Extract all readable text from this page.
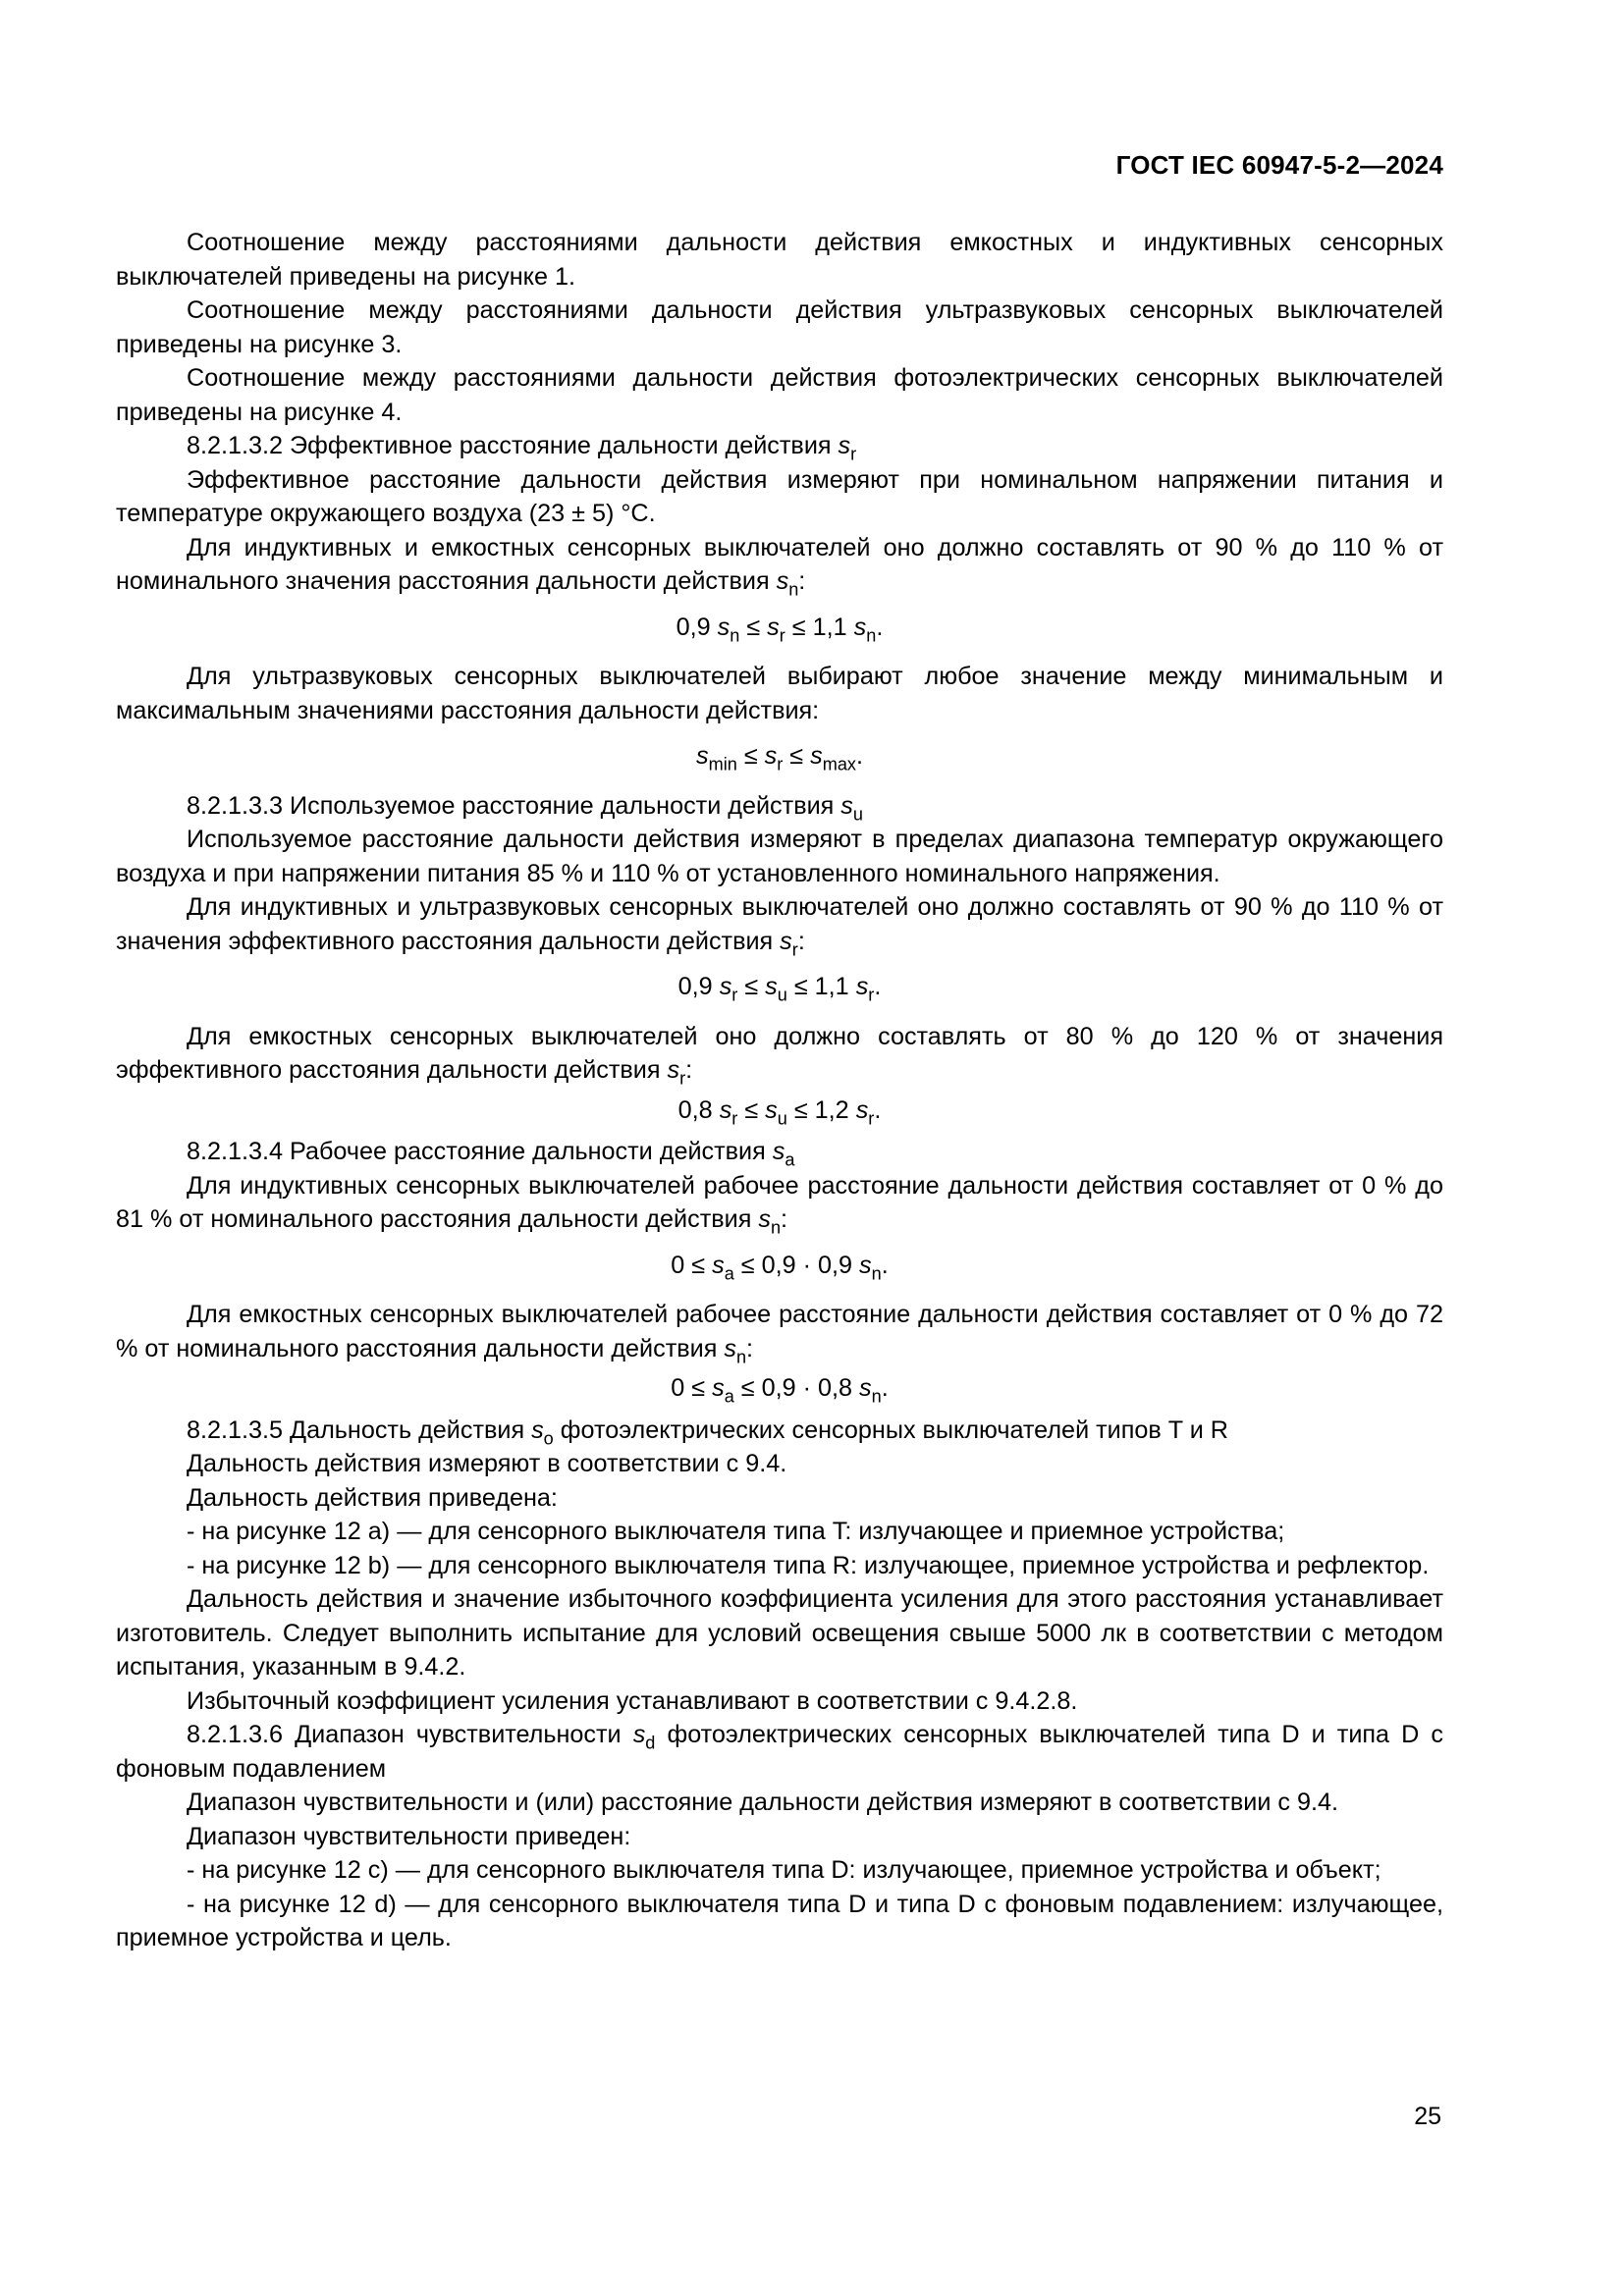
ГОСТ IEC 60947-5-2—2024

Соотношение между расстояниями дальности действия емкостных и индуктивных сенсорных выключателей приведены на рисунке 1.

Соотношение между расстояниями дальности действия ультразвуковых сенсорных выключателей приведены на рисунке 3.

Соотношение между расстояниями дальности действия фотоэлектрических сенсорных выключателей приведены на рисунке 4.

8.2.1.3.2 Эффективное расстояние дальности действия $s_r$

Эффективное расстояние дальности действия измеряют при номинальном напряжении питания и температуре окружающего воздуха (23 ± 5) °C.

Для индуктивных и емкостных сенсорных выключателей оно должно составлять от 90 % до 110 % от номинального значения расстояния дальности действия $s_n$:

0,9 $s_n \le s_r \le 1,1$ $s_n$.

Для ультразвуковых сенсорных выключателей выбирают любое значение между минимальным и максимальным значениями расстояния дальности действия:

$s_{min} \le s_r \le s_{max}$.

8.2.1.3.3 Используемое расстояние дальности действия $s_u$

Используемое расстояние дальности действия измеряют в пределах диапазона температур окружающего воздуха и при напряжении питания 85 % и 110 % от установленного номинального напряжения.

Для индуктивных и ультразвуковых сенсорных выключателей оно должно составлять от 90 % до 110 % от значения эффективного расстояния дальности действия $s_r$:

0,9 $s_r \le s_u \le 1,1$ $s_r$.

Для емкостных сенсорных выключателей оно должно составлять от 80 % до 120 % от значения эффективного расстояния дальности действия $s_r$:

0,8 $s_r \le s_u \le 1,2$ $s_r$.

8.2.1.3.4 Рабочее расстояние дальности действия $s_a$

Для индуктивных сенсорных выключателей рабочее расстояние дальности действия составляет от 0 % до 81 % от номинального расстояния дальности действия $s_n$:

$0 \le s_a \le 0,9 \cdot 0,9$ $s_n$.

Для емкостных сенсорных выключателей рабочее расстояние дальности действия составляет от 0 % до 72 % от номинального расстояния дальности действия $s_n$:

$0 \le s_a \le 0,9 \cdot 0,8$ $s_n$.

8.2.1.3.5 Дальность действия $s_o$ фотоэлектрических сенсорных выключателей типов T и R

Дальность действия измеряют в соответствии с 9.4.

Дальность действия приведена:

- на рисунке 12 а) — для сенсорного выключателя типа T: излучающее и приемное устройства;

- на рисунке 12 b) — для сенсорного выключателя типа R: излучающее, приемное устройства и рефлектор.

Дальность действия и значение избыточного коэффициента усиления для этого расстояния устанавливает изготовитель. Следует выполнить испытание для условий освещения свыше 5000 лк в соответствии с методом испытания, указанным в 9.4.2.

Избыточный коэффициент усиления устанавливают в соответствии с 9.4.2.8.

8.2.1.3.6 Диапазон чувствительности $s_d$ фотоэлектрических сенсорных выключателей типа D и типа D с фоновым подавлением

Диапазон чувствительности и (или) расстояние дальности действия измеряют в соответствии с 9.4.

Диапазон чувствительности приведен:

- на рисунке 12 c) — для сенсорного выключателя типа D: излучающее, приемное устройства и объект;

- на рисунке 12 d) — для сенсорного выключателя типа D и типа D с фоновым подавлением: излучающее, приемное устройства и цель.

25
